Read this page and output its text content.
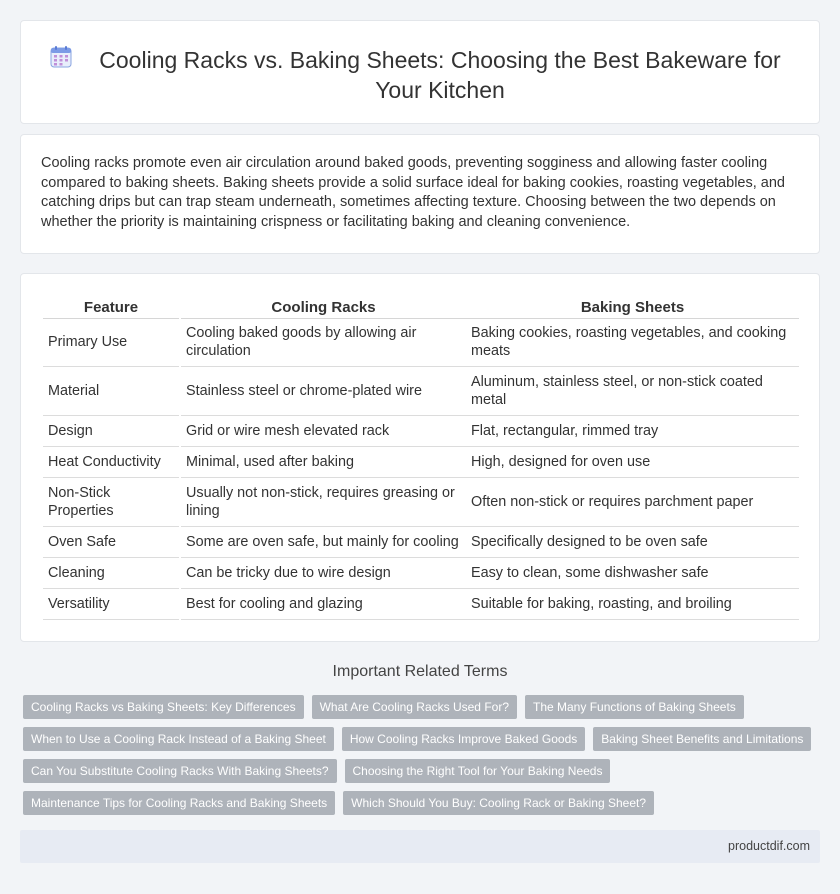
Cooling Racks vs. Baking Sheets: Choosing the Best Bakeware for Your Kitchen

Cooling racks promote even air circulation around baked goods, preventing sogginess and allowing faster cooling compared to baking sheets. Baking sheets provide a solid surface ideal for baking cookies, roasting vegetables, and catching drips but can trap steam underneath, sometimes affecting texture. Choosing between the two depends on whether the priority is maintaining crispness or facilitating baking and cleaning convenience.

Feature	Cooling Racks	Baking Sheets
Primary Use	Cooling baked goods by allowing air circulation	Baking cookies, roasting vegetables, and cooking meats
Material	Stainless steel or chrome-plated wire	Aluminum, stainless steel, or non-stick coated metal
Design	Grid or wire mesh elevated rack	Flat, rectangular, rimmed tray
Heat Conductivity	Minimal, used after baking	High, designed for oven use
Non-Stick Properties	Usually not non-stick, requires greasing or lining	Often non-stick or requires parchment paper
Oven Safe	Some are oven safe, but mainly for cooling	Specifically designed to be oven safe
Cleaning	Can be tricky due to wire design	Easy to clean, some dishwasher safe
Versatility	Best for cooling and glazing	Suitable for baking, roasting, and broiling
Important Related Terms
Cooling Racks vs Baking Sheets: Key Differences	What Are Cooling Racks Used For?	The Many Functions of Baking Sheets
When to Use a Cooling Rack Instead of a Baking Sheet	How Cooling Racks Improve Baked Goods	Baking Sheet Benefits and Limitations
Can You Substitute Cooling Racks With Baking Sheets?	Choosing the Right Tool for Your Baking Needs
Maintenance Tips for Cooling Racks and Baking Sheets	Which Should You Buy: Cooling Rack or Baking Sheet?
productdif.com
